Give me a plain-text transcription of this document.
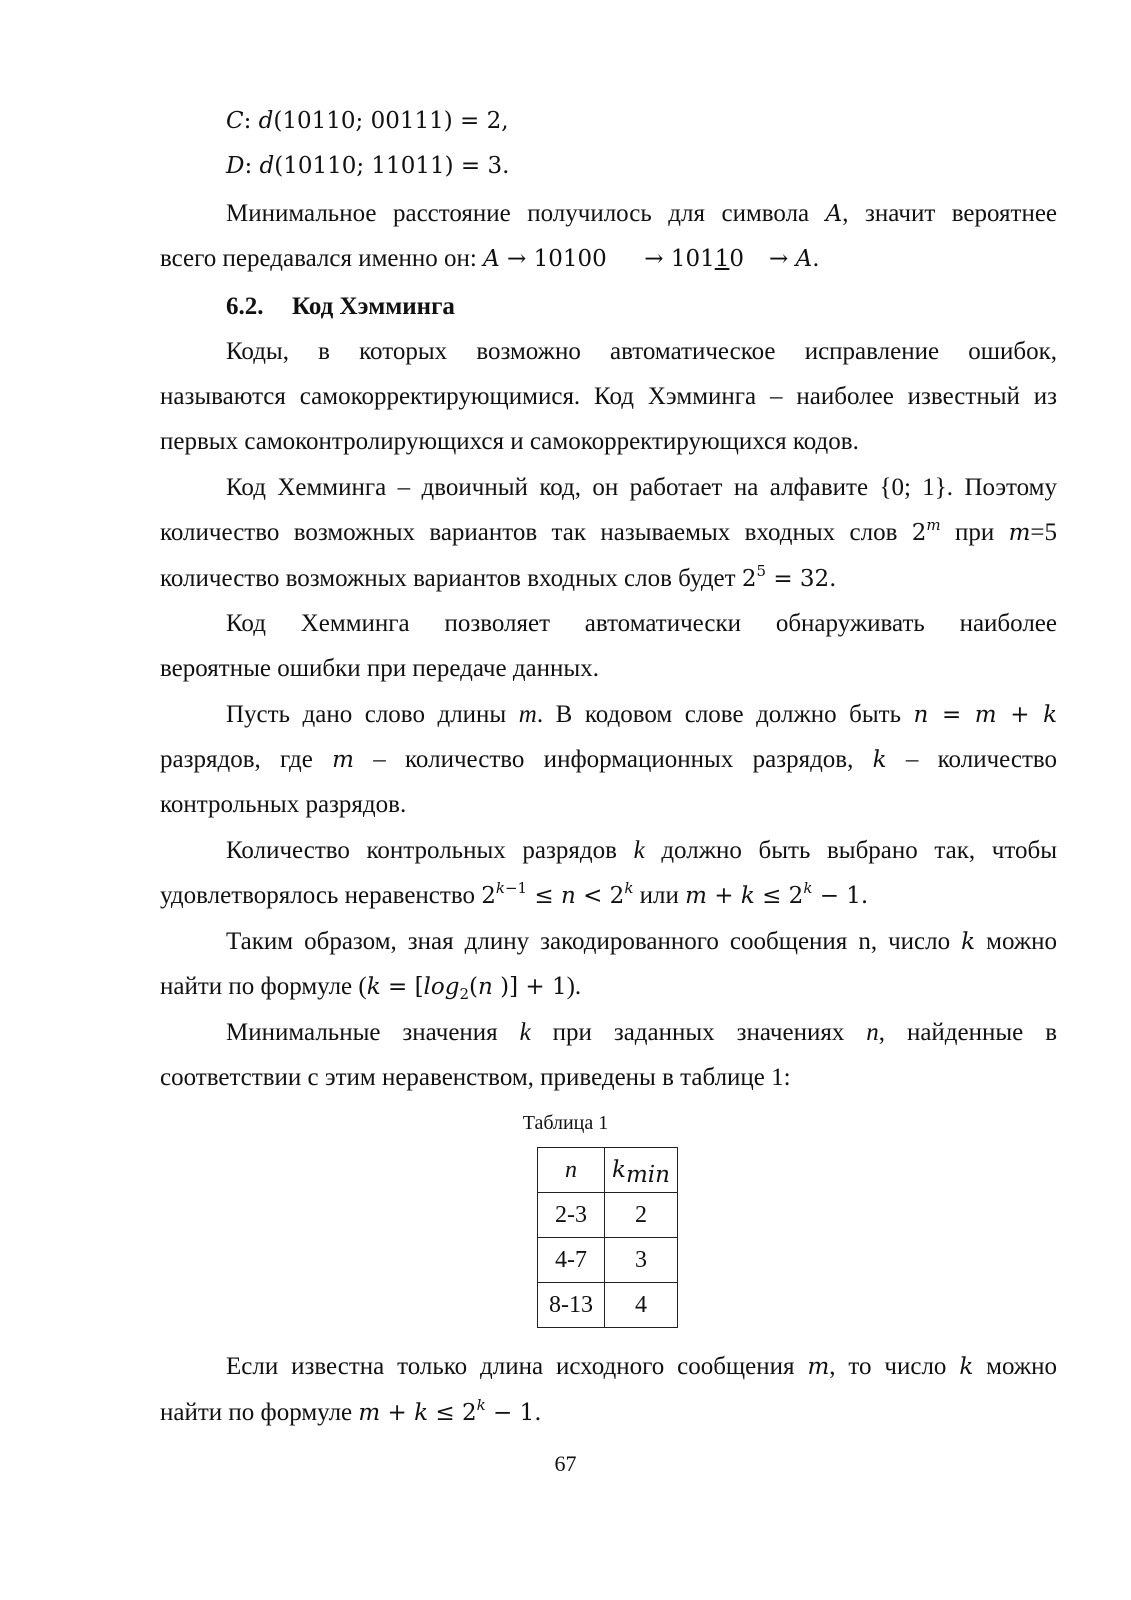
𝐶: 𝑑(10110; 00111) = 2,
𝐷: 𝑑(10110; 11011) = 3.
Минимальное расстояние получилось для символа 𝐴, значит вероятнее
всего передавался именно он: 𝐴 → 10100 → 10110 → 𝐴.
6.2. Код Хэмминга
Коды, в которых возможно автоматическое исправление ошибок,
называются самокорректирующимися. Код Хэмминга – наиболее известный из
первых самоконтролирующихся и самокорректирующихся кодов.
Код Хемминга – двоичный код, он работает на алфавите {0; 1}. Поэтому
количество возможных вариантов так называемых входных слов $2^𝑚$ при 𝑚=5
количество возможных вариантов входных слов будет $2^5 = 32$.
Код Хемминга позволяет автоматически обнаруживать наиболее
вероятные ошибки при передаче данных.
Пусть дано слово длины m. В кодовом слове должно быть 𝑛 = 𝑚 + 𝑘
разрядов, где 𝑚 – количество информационных разрядов, 𝑘 – количество
контрольных разрядов.
Количество контрольных разрядов k должно быть выбрано так, чтобы
удовлетворялось неравенство $2^{𝑘-1}$ ≤ 𝑛 < $2^𝑘$ или 𝑚 + 𝑘 ≤ $2^𝑘 - 1$.
Таким образом, зная длину закодированного сообщения n, число 𝑘 можно
найти по формуле (𝑘 = [𝑙𝑜𝑔$_2$(𝑛 )] + 1).
Минимальные значения k при заданных значениях n, найденные в
соответствии с этим неравенством, приведены в таблице 1:
Таблица 1
n	𝑘$_{𝑚𝑖𝑛}$
2-3	2
4-7	3
8-13	4
Если известна только длина исходного сообщения 𝑚, то число 𝑘 можно
найти по формуле 𝑚 + 𝑘 ≤ $2^𝑘 - 1$.
67
